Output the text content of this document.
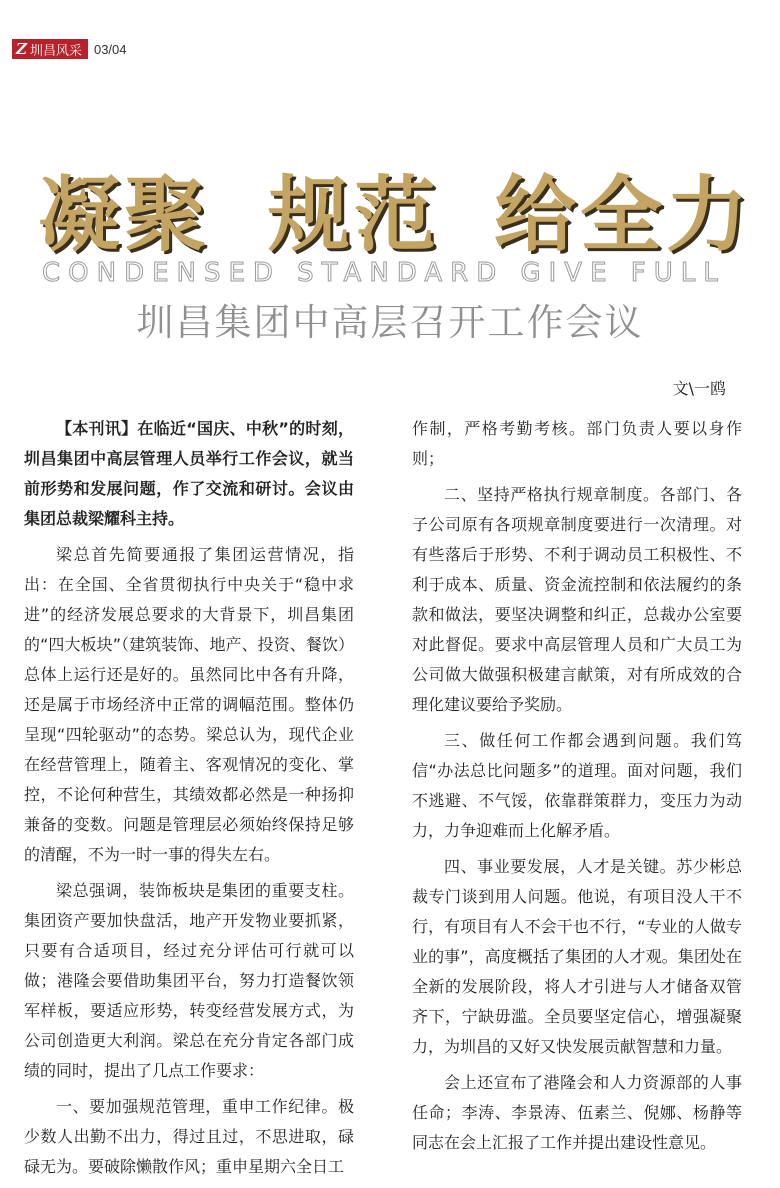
Z 圳昌风采 03/04
凝聚 规范 给全力
CONDENSED STANDARD GIVE FULL
圳昌集团中高层召开工作会议
文\一鸥

【本刊讯】在临近“国庆、中秋”的时刻，圳昌集团中高层管理人员举行工作会议，就当前形势和发展问题，作了交流和研讨。会议由集团总裁梁耀科主持。

梁总首先简要通报了集团运营情况，指出：在全国、全省贯彻执行中央关于“稳中求进”的经济发展总要求的大背景下，圳昌集团的“四大板块”（建筑装饰、地产、投资、餐饮）总体上运行还是好的。虽然同比中各有升降，还是属于市场经济中正常的调幅范围。整体仍呈现“四轮驱动”的态势。梁总认为，现代企业在经营管理上，随着主、客观情况的变化、掌控，不论何种营生，其绩效都必然是一种扬抑兼备的变数。问题是管理层必须始终保持足够的清醒，不为一时一事的得失左右。

梁总强调，装饰板块是集团的重要支柱。集团资产要加快盘活，地产开发物业要抓紧，只要有合适项目，经过充分评估可行就可以做；港隆会要借助集团平台，努力打造餐饮领军样板，要适应形势，转变经营发展方式，为公司创造更大利润。梁总在充分肯定各部门成绩的同时，提出了几点工作要求：

一、要加强规范管理，重申工作纪律。极少数人出勤不出力，得过且过，不思进取，碌碌无为。要破除懒散作风；重申星期六全日工

作制，严格考勤考核。部门负责人要以身作则；

二、坚持严格执行规章制度。各部门、各子公司原有各项规章制度要进行一次清理。对有些落后于形势、不利于调动员工积极性、不利于成本、质量、资金流控制和依法履约的条款和做法，要坚决调整和纠正，总裁办公室要对此督促。要求中高层管理人员和广大员工为公司做大做强积极建言献策，对有所成效的合理化建议要给予奖励。

三、做任何工作都会遇到问题。我们笃信“办法总比问题多”的道理。面对问题，我们不逃避、不气馁，依靠群策群力，变压力为动力，力争迎难而上化解矛盾。

四、事业要发展，人才是关键。苏少彬总裁专门谈到用人问题。他说，有项目没人干不行，有项目有人不会干也不行，“专业的人做专业的事”，高度概括了集团的人才观。集团处在全新的发展阶段，将人才引进与人才储备双管齐下，宁缺毋滥。全员要坚定信心，增强凝聚力，为圳昌的又好又快发展贡献智慧和力量。

会上还宣布了港隆会和人力资源部的人事任命；李涛、李景涛、伍素兰、倪娜、杨静等同志在会上汇报了工作并提出建设性意见。
